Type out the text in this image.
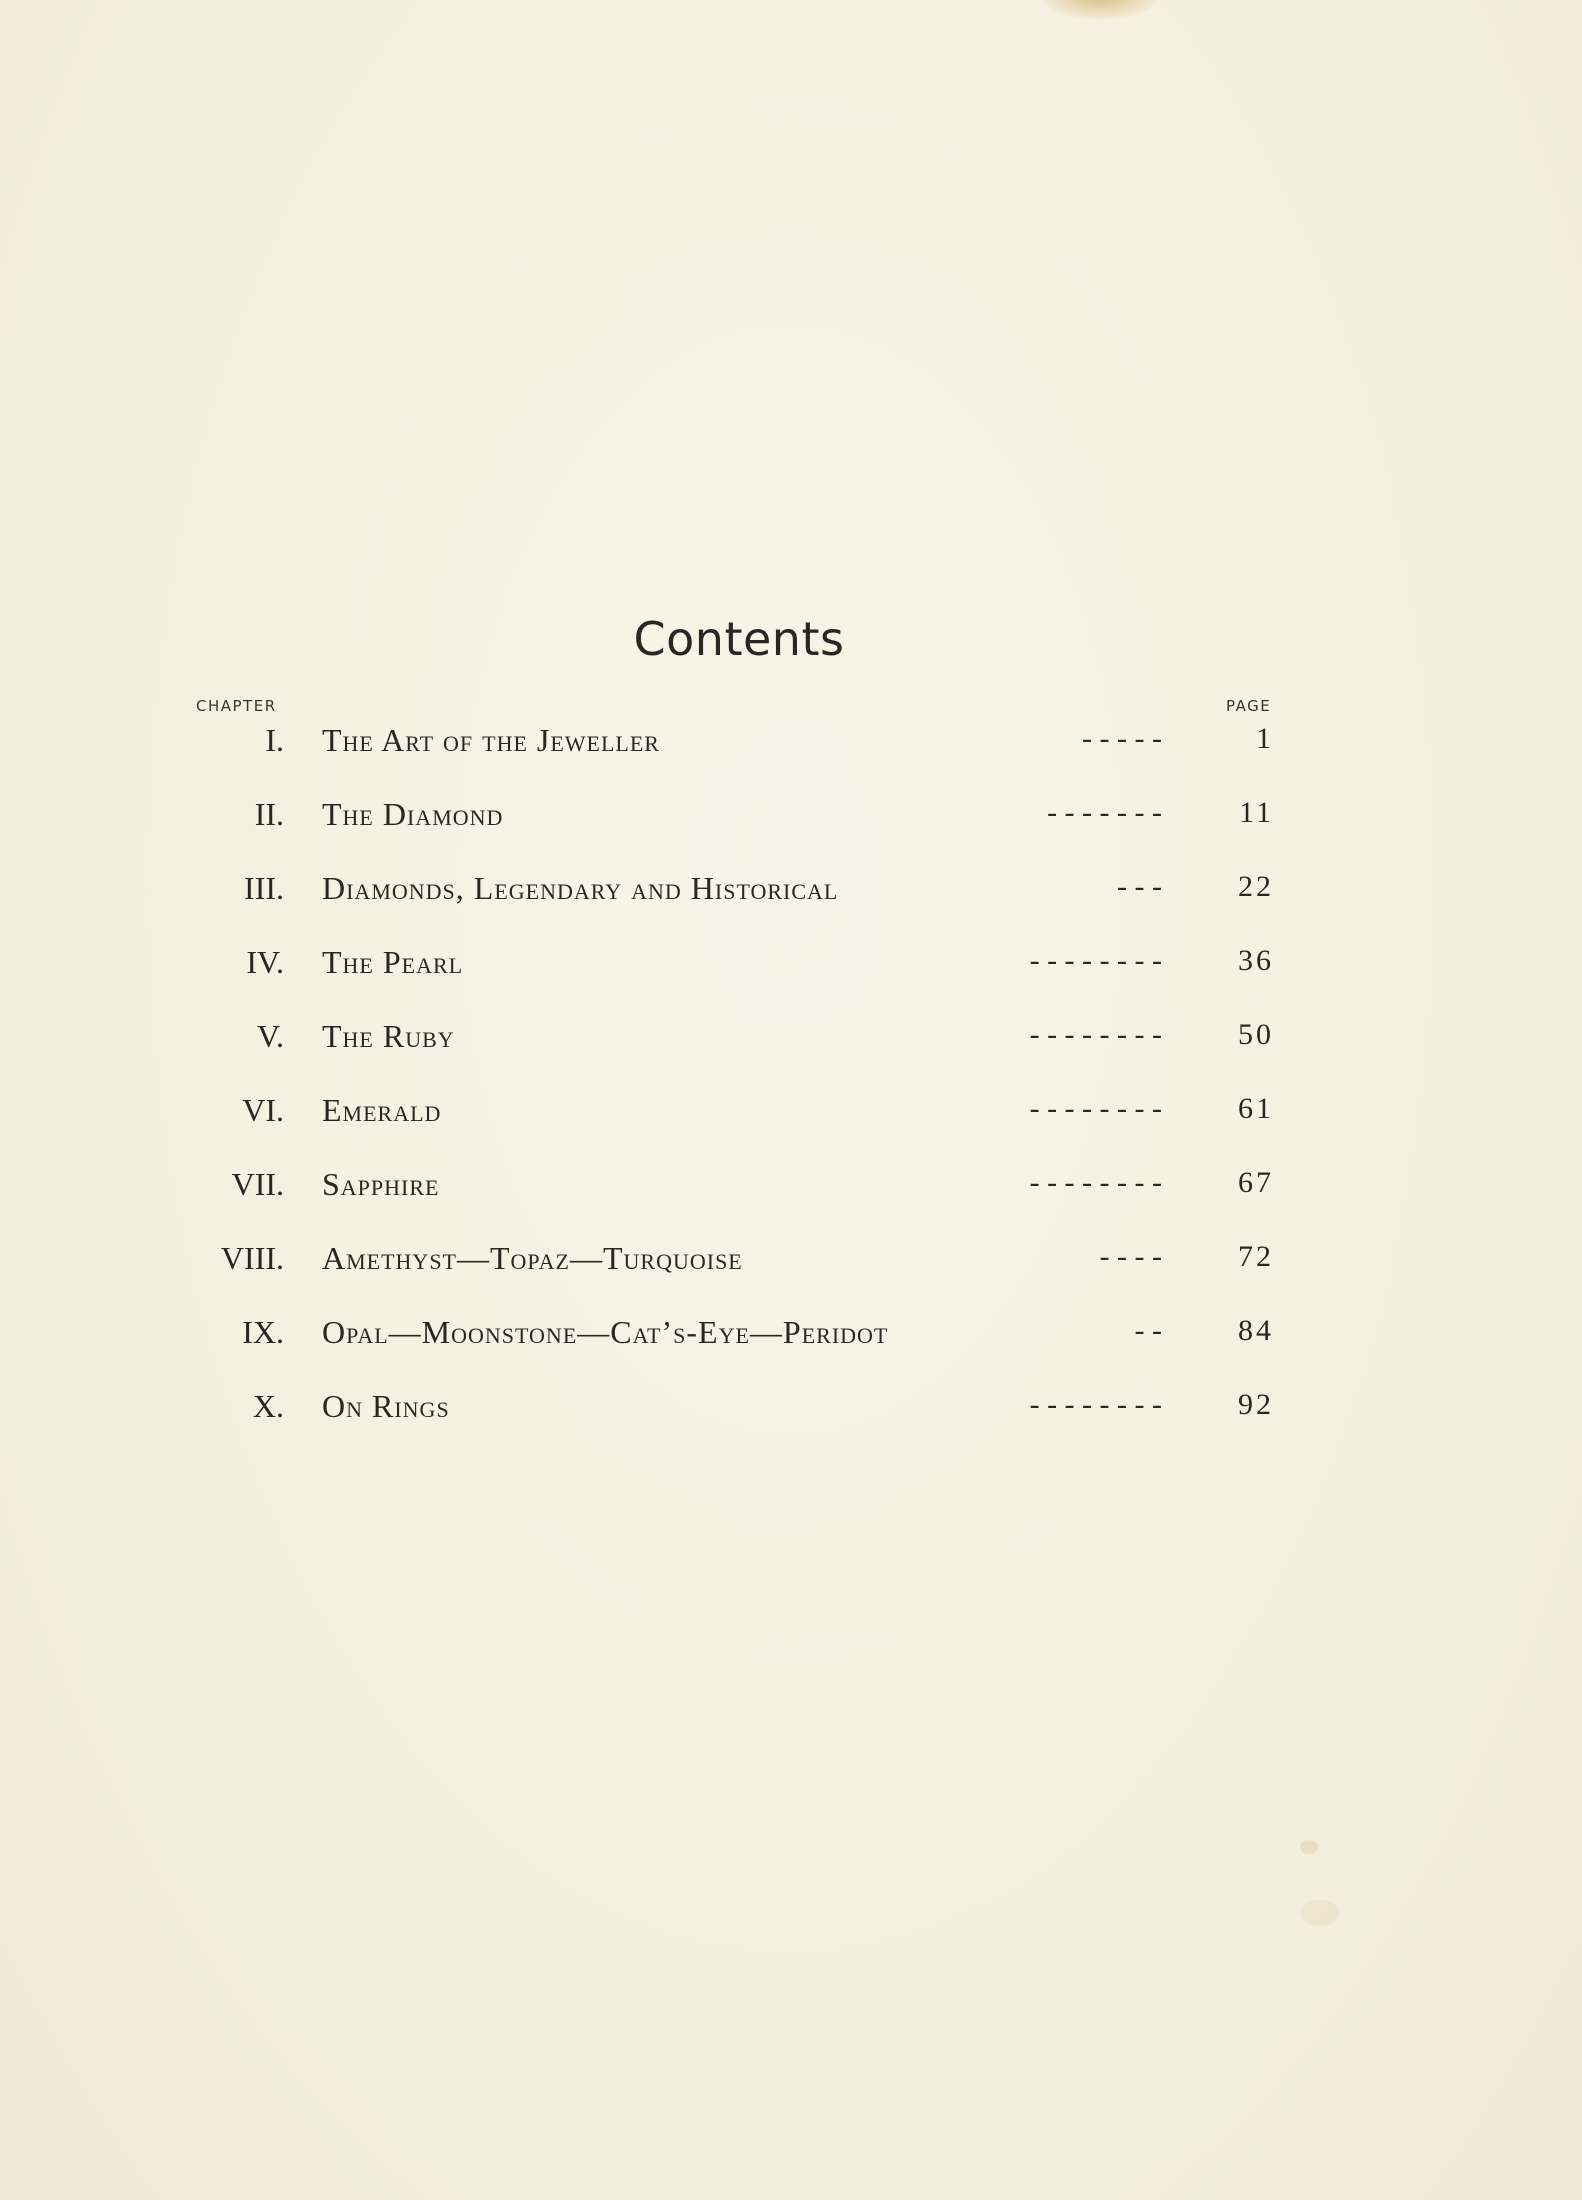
Contents
CHAPTER	PAGE
I. The Art of the Jeweller	- - - - -	1
II. The Diamond	- - - - - - -	11
III. Diamonds, Legendary and Historical	- - -	22
IV. The Pearl	- - - - - - - -	36
V. The Ruby	- - - - - - - -	50
VI. Emerald	- - - - - - - -	61
VII. Sapphire	- - - - - - - -	67
VIII. Amethyst—Topaz—Turquoise	- - - -	72
IX. Opal—Moonstone—Cat’s-Eye—Peridot	- -	84
X. On Rings	- - - - - - - -	92
